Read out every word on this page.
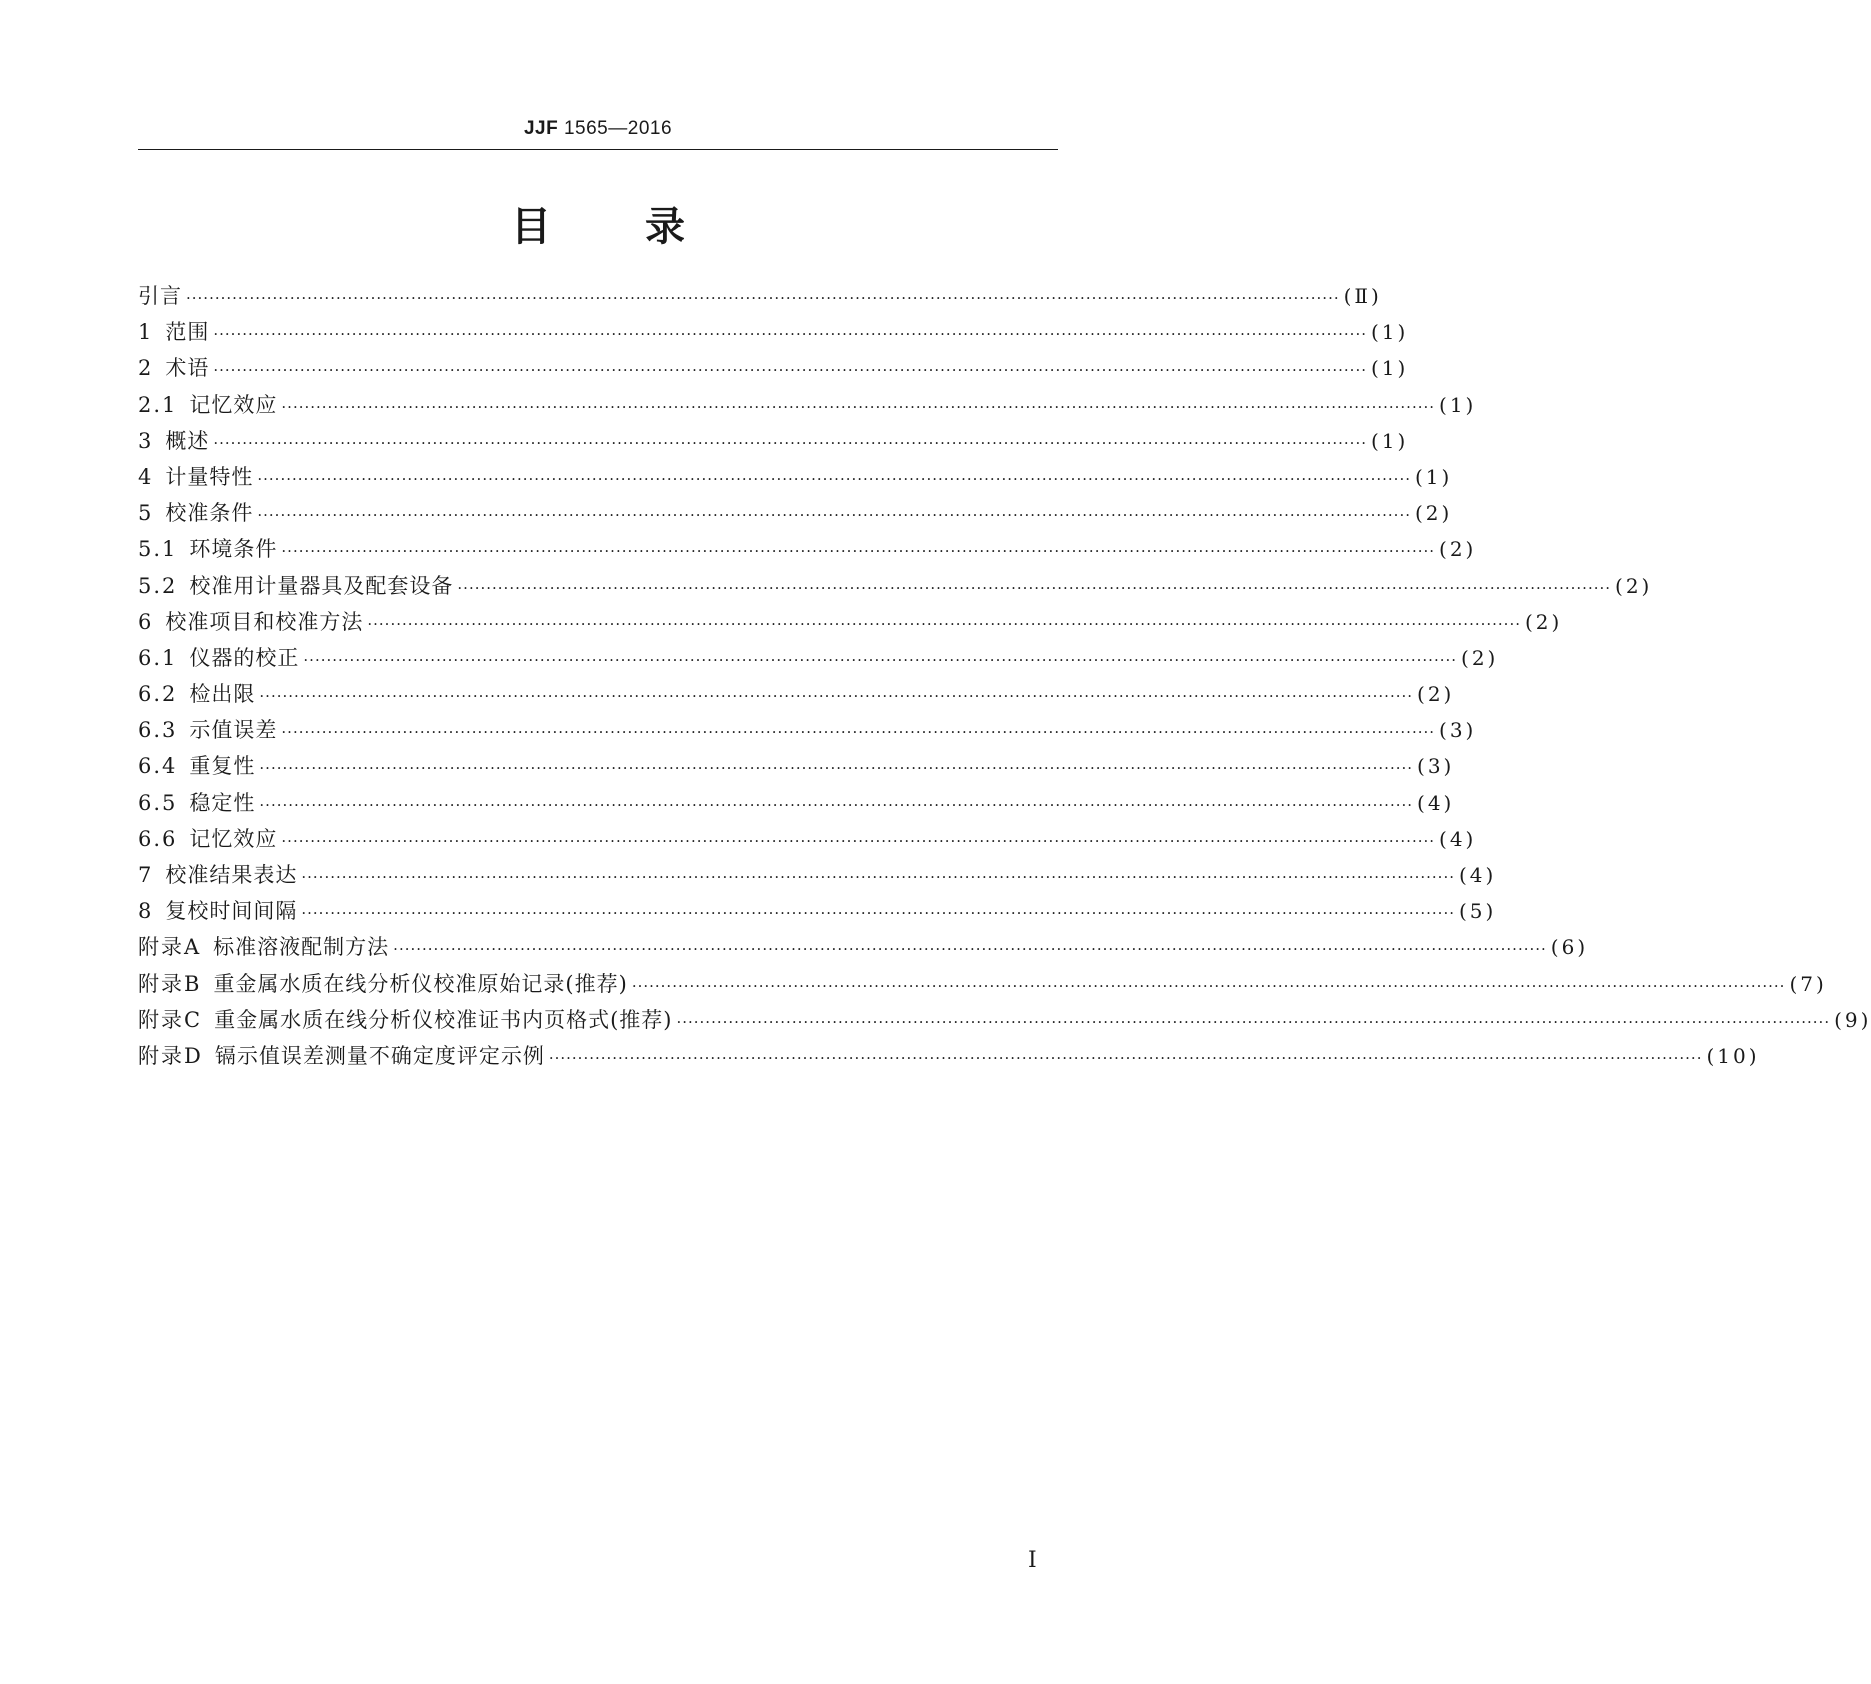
JJF 1565—2016
目 录
引言 ········································································································································································································ (Ⅱ)
1 范围 ········································································································································································································ (1)
2 术语 ········································································································································································································ (1)
2.1 记忆效应 ········································································································································································································ (1)
3 概述 ········································································································································································································ (1)
4 计量特性 ········································································································································································································ (1)
5 校准条件 ········································································································································································································ (2)
5.1 环境条件 ········································································································································································································ (2)
5.2 校准用计量器具及配套设备 ········································································································································································································ (2)
6 校准项目和校准方法 ········································································································································································································ (2)
6.1 仪器的校正 ········································································································································································································ (2)
6.2 检出限 ········································································································································································································ (2)
6.3 示值误差 ········································································································································································································ (3)
6.4 重复性 ········································································································································································································ (3)
6.5 稳定性 ········································································································································································································ (4)
6.6 记忆效应 ········································································································································································································ (4)
7 校准结果表达 ········································································································································································································ (4)
8 复校时间间隔 ········································································································································································································ (5)
附录A 标准溶液配制方法 ········································································································································································································ (6)
附录B 重金属水质在线分析仪校准原始记录(推荐) ········································································································································································································ (7)
附录C 重金属水质在线分析仪校准证书内页格式(推荐) ········································································································································································································ (9)
附录D 镉示值误差测量不确定度评定示例 ········································································································································································································ (10)
Ⅰ
